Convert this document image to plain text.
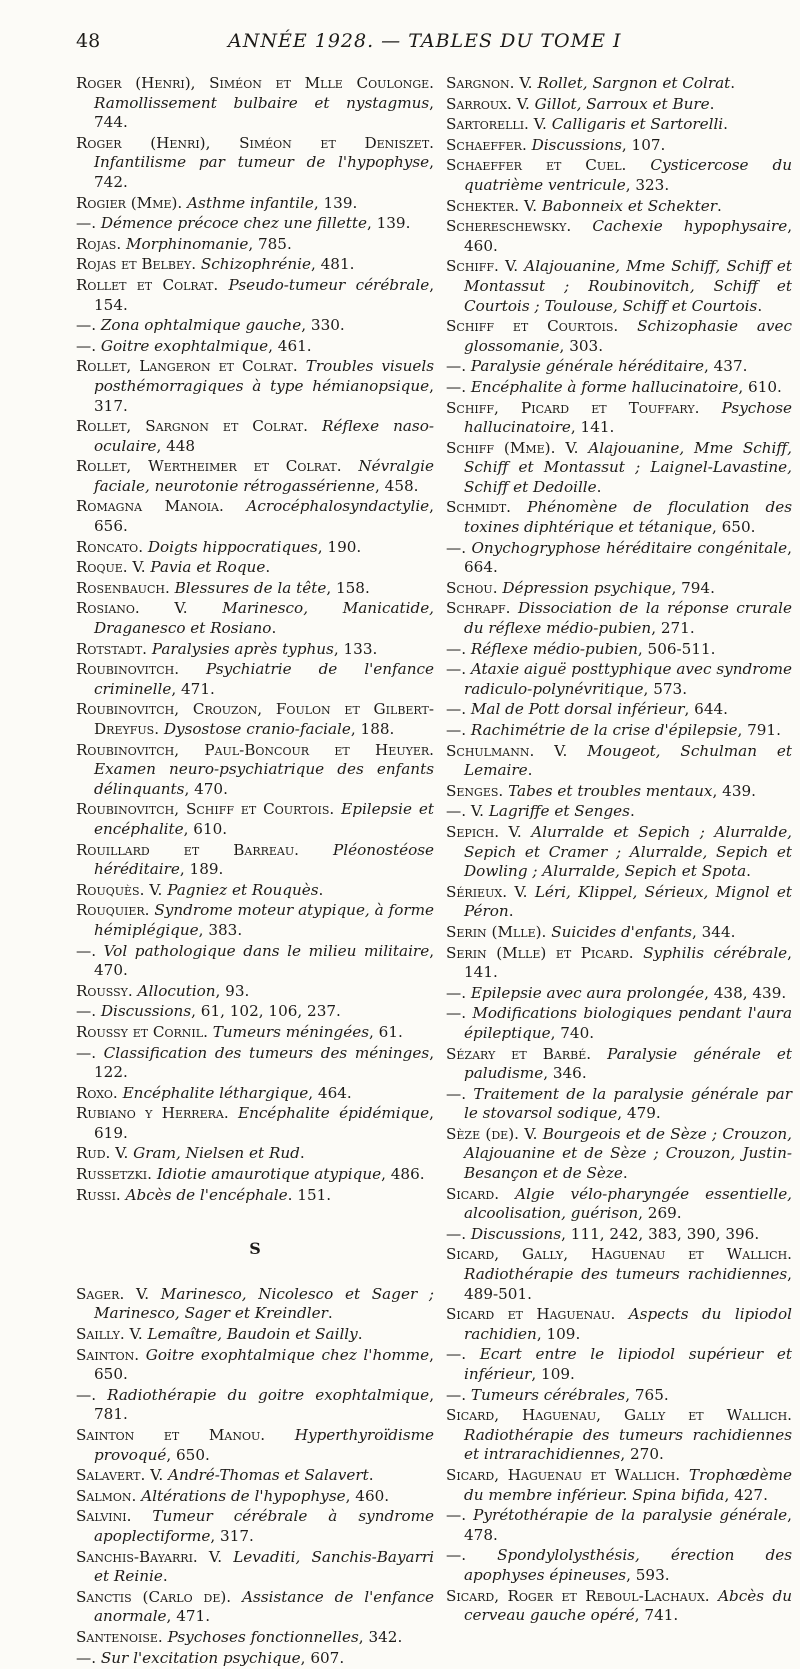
48	ANNÉE 1928. — TABLES DU TOME I

Roger (Henri), Siméon et Mlle Coulonge. Ramollissement bulbaire et nystagmus, 744.

Roger (Henri), Siméon et Deniszet. Infantilisme par tumeur de l'hypophyse, 742.

Rogier (Mme). Asthme infantile, 139.

—. Démence précoce chez une fillette, 139.

Rojas. Morphinomanie, 785.

Rojas et Belbey. Schizophrénie, 481.

Rollet et Colrat. Pseudo-tumeur cérébrale, 154.

—. Zona ophtalmique gauche, 330.

—. Goitre exophtalmique, 461.

Rollet, Langeron et Colrat. Troubles visuels posthémorragiques à type hémianopsique, 317.

Rollet, Sargnon et Colrat. Réflexe naso-oculaire, 448

Rollet, Wertheimer et Colrat. Névralgie faciale, neurotonie rétrogassérienne, 458.

Romagna Manoia. Acrocéphalosyndactylie, 656.

Roncato. Doigts hippocratiques, 190.

Roque. V. Pavia et Roque.

Rosenbauch. Blessures de la tête, 158.

Rosiano. V. Marinesco, Manicatide, Draganesco et Rosiano.

Rotstadt. Paralysies après typhus, 133.

Roubinovitch. Psychiatrie de l'enfance criminelle, 471.

Roubinovitch, Crouzon, Foulon et Gilbert-Dreyfus. Dysostose cranio-faciale, 188.

Roubinovitch, Paul-Boncour et Heuyer. Examen neuro-psychiatrique des enfants délinquants, 470.

Roubinovitch, Schiff et Courtois. Epilepsie et encéphalite, 610.

Rouillard et Barreau. Pléonostéose héréditaire, 189.

Rouquès. V. Pagniez et Rouquès.

Rouquier. Syndrome moteur atypique, à forme hémiplégique, 383.

—. Vol pathologique dans le milieu militaire, 470.

Roussy. Allocution, 93.

—. Discussions, 61, 102, 106, 237.

Roussy et Cornil. Tumeurs méningées, 61.

—. Classification des tumeurs des méninges, 122.

Roxo. Encéphalite léthargique, 464.

Rubiano y Herrera. Encéphalite épidémique, 619.

Rud. V. Gram, Nielsen et Rud.

Russetzki. Idiotie amaurotique atypique, 486.

Russi. Abcès de l'encéphale. 151.

S

Sager. V. Marinesco, Nicolesco et Sager ; Marinesco, Sager et Kreindler.

Sailly. V. Lemaître, Baudoin et Sailly.

Sainton. Goitre exophtalmique chez l'homme, 650.

—. Radiothérapie du goitre exophtalmique, 781.

Sainton et Manou. Hyperthyroïdisme provoqué, 650.

Salavert. V. André-Thomas et Salavert.

Salmon. Altérations de l'hypophyse, 460.

Salvini. Tumeur cérébrale à syndrome apoplectiforme, 317.

Sanchis-Bayarri. V. Levaditi, Sanchis-Bayarri et Reinie.

Sanctis (Carlo de). Assistance de l'enfance anormale, 471.

Santenoise. Psychoses fonctionnelles, 342.

—. Sur l'excitation psychique, 607.

Sargnon. V. Rollet, Sargnon et Colrat.

Sarroux. V. Gillot, Sarroux et Bure.

Sartorelli. V. Calligaris et Sartorelli.

Schaeffer. Discussions, 107.

Schaeffer et Cuel. Cysticercose du quatrième ventricule, 323.

Schekter. V. Babonneix et Schekter.

Schereschewsky. Cachexie hypophysaire, 460.

Schiff. V. Alajouanine, Mme Schiff, Schiff et Montassut ; Roubinovitch, Schiff et Courtois ; Toulouse, Schiff et Courtois.

Schiff et Courtois. Schizophasie avec glossomanie, 303.

—. Paralysie générale héréditaire, 437.

—. Encéphalite à forme hallucinatoire, 610.

Schiff, Picard et Touffary. Psychose hallucinatoire, 141.

Schiff (Mme). V. Alajouanine, Mme Schiff, Schiff et Montassut ; Laignel-Lavastine, Schiff et Dedoille.

Schmidt. Phénomène de floculation des toxines diphtérique et tétanique, 650.

—. Onychogryphose héréditaire congénitale, 664.

Schou. Dépression psychique, 794.

Schrapf. Dissociation de la réponse crurale du réflexe médio-pubien, 271.

—. Réflexe médio-pubien, 506-511.

—. Ataxie aiguë posttyphique avec syndrome radiculo-polynévritique, 573.

—. Mal de Pott dorsal inférieur, 644.

—. Rachimétrie de la crise d'épilepsie, 791.

Schulmann. V. Mougeot, Schulman et Lemaire.

Senges. Tabes et troubles mentaux, 439.

—. V. Lagriffe et Senges.

Sepich. V. Alurralde et Sepich ; Alurralde, Sepich et Cramer ; Alurralde, Sepich et Dowling ; Alurralde, Sepich et Spota.

Sérieux. V. Léri, Klippel, Sérieux, Mignol et Péron.

Serin (Mlle). Suicides d'enfants, 344.

Serin (Mlle) et Picard. Syphilis cérébrale, 141.

—. Epilepsie avec aura prolongée, 438, 439.

—. Modifications biologiques pendant l'aura épileptique, 740.

Sézary et Barbé. Paralysie générale et paludisme, 346.

—. Traitement de la paralysie générale par le stovarsol sodique, 479.

Sèze (de). V. Bourgeois et de Sèze ; Crouzon, Alajouanine et de Sèze ; Crouzon, Justin-Besançon et de Sèze.

Sicard. Algie vélo-pharyngée essentielle, alcoolisation, guérison, 269.

—. Discussions, 111, 242, 383, 390, 396.

Sicard, Gally, Haguenau et Wallich. Radiothérapie des tumeurs rachidiennes, 489-501.

Sicard et Haguenau. Aspects du lipiodol rachidien, 109.

—. Ecart entre le lipiodol supérieur et inférieur, 109.

—. Tumeurs cérébrales, 765.

Sicard, Haguenau, Gally et Wallich. Radiothérapie des tumeurs rachidiennes et intrarachidiennes, 270.

Sicard, Haguenau et Wallich. Trophœdème du membre inférieur. Spina bifida, 427.

—. Pyrétothérapie de la paralysie générale, 478.

—. Spondylolysthésis, érection des apophyses épineuses, 593.

Sicard, Roger et Reboul-Lachaux. Abcès du cerveau gauche opéré, 741.
